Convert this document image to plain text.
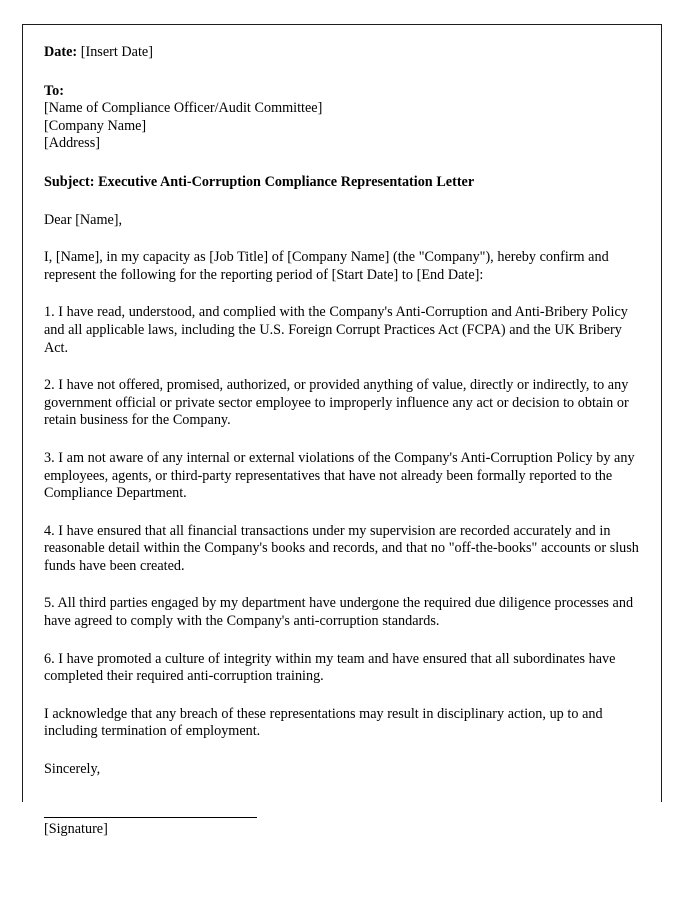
Date: [Insert Date]

To:

[Name of Compliance Officer/Audit Committee]

[Company Name]

[Address]

Subject: Executive Anti-Corruption Compliance Representation Letter

Dear [Name],

I, [Name], in my capacity as [Job Title] of [Company Name] (the "Company"), hereby confirm and represent the following for the reporting period of [Start Date] to [End Date]:

1. I have read, understood, and complied with the Company's Anti-Corruption and Anti-Bribery Policy and all applicable laws, including the U.S. Foreign Corrupt Practices Act (FCPA) and the UK Bribery Act.

2. I have not offered, promised, authorized, or provided anything of value, directly or indirectly, to any government official or private sector employee to improperly influence any act or decision to obtain or retain business for the Company.

3. I am not aware of any internal or external violations of the Company's Anti-Corruption Policy by any employees, agents, or third-party representatives that have not already been formally reported to the Compliance Department.

4. I have ensured that all financial transactions under my supervision are recorded accurately and in reasonable detail within the Company's books and records, and that no "off-the-books" accounts or slush funds have been created.

5. All third parties engaged by my department have undergone the required due diligence processes and have agreed to comply with the Company's anti-corruption standards.

6. I have promoted a culture of integrity within my team and have ensured that all subordinates have completed their required anti-corruption training.

I acknowledge that any breach of these representations may result in disciplinary action, up to and including termination of employment.

Sincerely,

[Signature]
